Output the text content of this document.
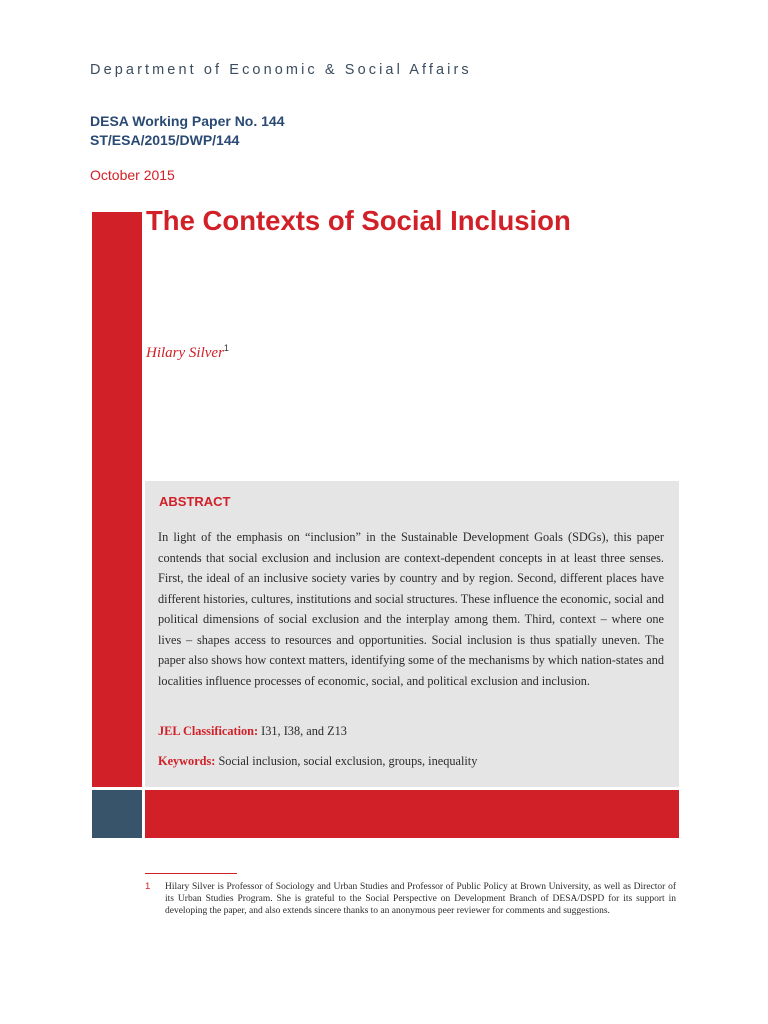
Department of Economic & Social Affairs
DESA Working Paper No. 144
ST/ESA/2015/DWP/144
October 2015
The Contexts of Social Inclusion
Hilary Silver$^1$
ABSTRACT
In light of the emphasis on “inclusion” in the Sustainable Development Goals (SDGs), this paper contends that social exclusion and inclusion are context-dependent concepts in at least three senses. First, the ideal of an inclusive society varies by country and by region. Second, different places have different histories, cultures, institutions and social structures. These influence the economic, social and political dimensions of social exclusion and the interplay among them. Third, context – where one lives – shapes access to resources and opportunities. Social inclusion is thus spatially uneven. The paper also shows how context matters, identifying some of the mechanisms by which nation-states and localities influence processes of economic, social, and political exclusion and inclusion.
JEL Classification: I31, I38, and Z13
Keywords: Social inclusion, social exclusion, groups, inequality
1 Hilary Silver is Professor of Sociology and Urban Studies and Professor of Public Policy at Brown University, as well as Director of its Urban Studies Program. She is grateful to the Social Perspective on Development Branch of DESA/DSPD for its support in developing the paper, and also extends sincere thanks to an anonymous peer reviewer for comments and suggestions.
